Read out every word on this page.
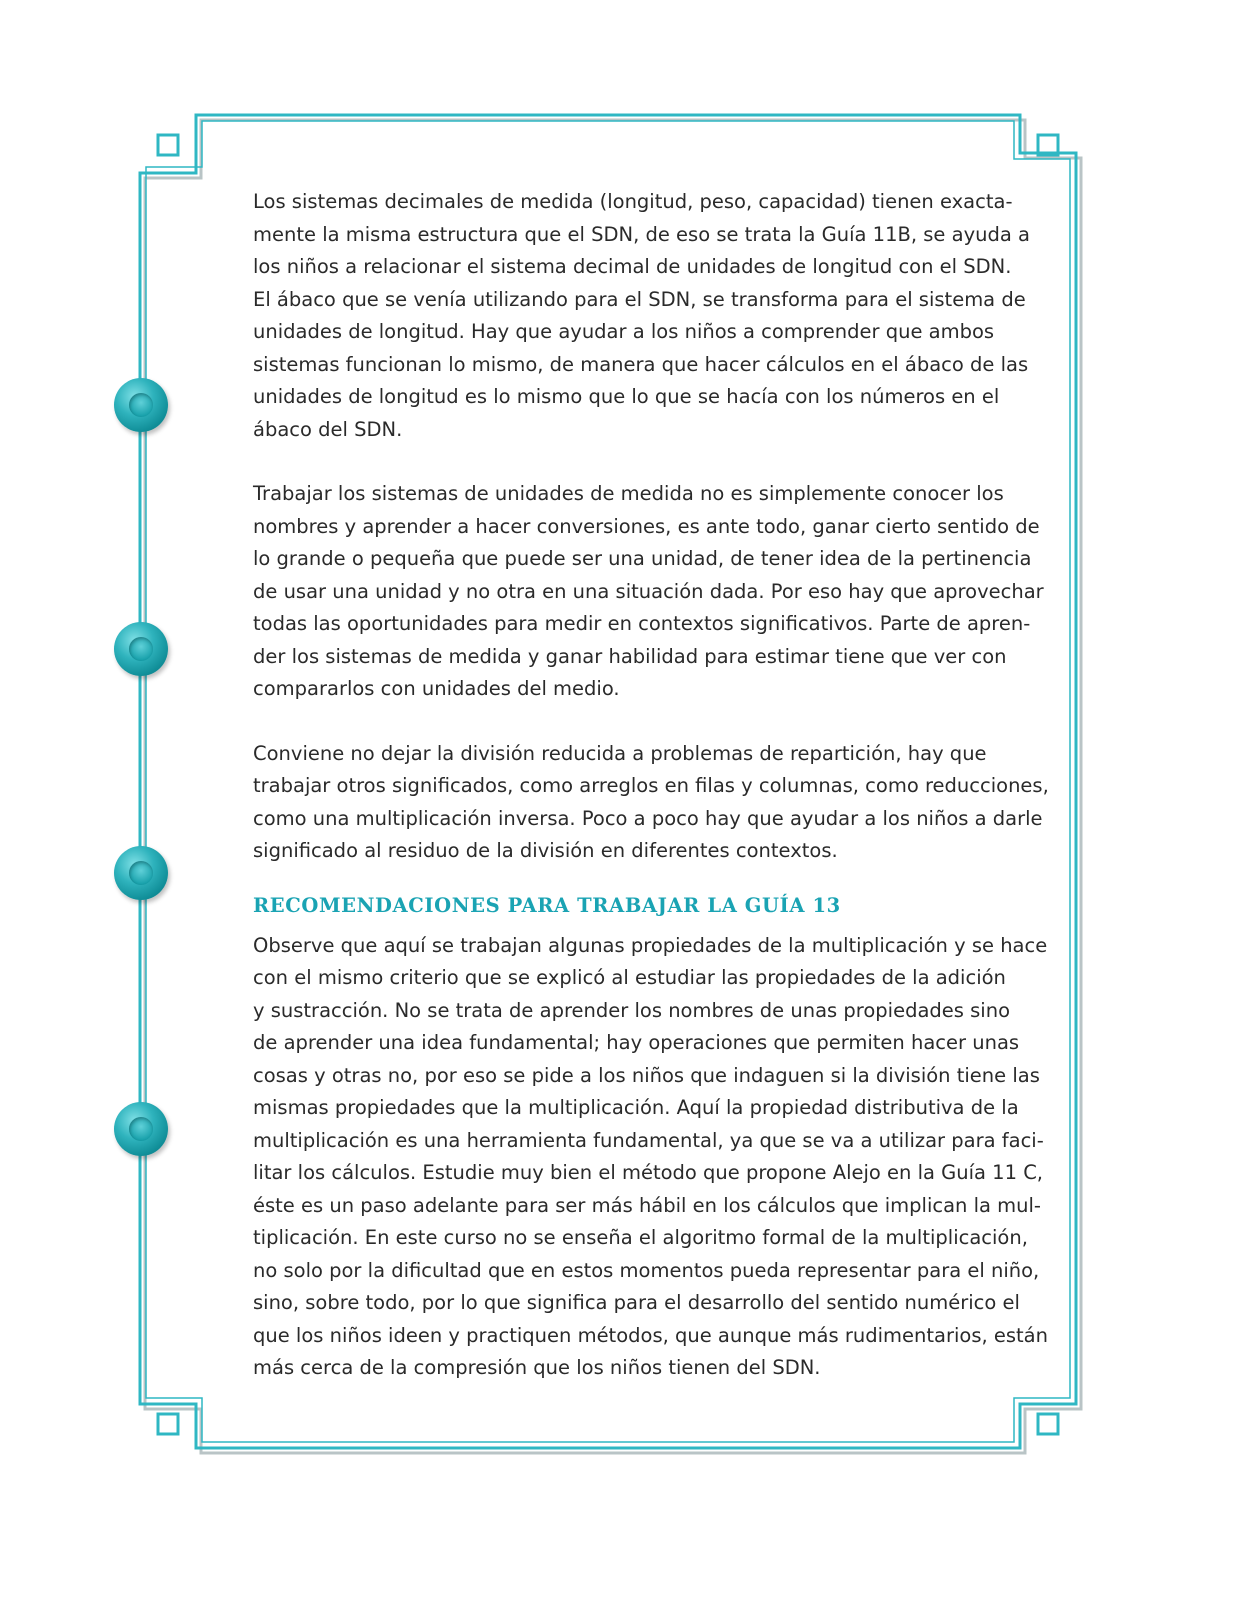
Los sistemas decimales de medida (longitud, peso, capacidad) tienen exacta-
mente la misma estructura que el SDN, de eso se trata la Guía 11B, se ayuda a
los niños a relacionar el sistema decimal de unidades de longitud con el SDN.
El ábaco que se venía utilizando para el SDN, se transforma para el sistema de
unidades de longitud. Hay que ayudar a los niños a comprender que ambos
sistemas funcionan lo mismo, de manera que hacer cálculos en el ábaco de las
unidades de longitud es lo mismo que lo que se hacía con los números en el
ábaco del SDN.

Trabajar los sistemas de unidades de medida no es simplemente conocer los
nombres y aprender a hacer conversiones, es ante todo, ganar cierto sentido de
lo grande o pequeña que puede ser una unidad, de tener idea de la pertinencia
de usar una unidad y no otra en una situación dada. Por eso hay que aprovechar
todas las oportunidades para medir en contextos significativos. Parte de apren-
der los sistemas de medida y ganar habilidad para estimar tiene que ver con
compararlos con unidades del medio.

Conviene no dejar la división reducida a problemas de repartición, hay que
trabajar otros significados, como arreglos en filas y columnas, como reducciones,
como una multiplicación inversa. Poco a poco hay que ayudar a los niños a darle
significado al residuo de la división en diferentes contextos.

RECOMENDACIONES PARA TRABAJAR LA GUÍA 13

Observe que aquí se trabajan algunas propiedades de la multiplicación y se hace
con el mismo criterio que se explicó al estudiar las propiedades de la adición
y sustracción. No se trata de aprender los nombres de unas propiedades sino
de aprender una idea fundamental; hay operaciones que permiten hacer unas
cosas y otras no, por eso se pide a los niños que indaguen si la división tiene las
mismas propiedades que la multiplicación. Aquí la propiedad distributiva de la
multiplicación es una herramienta fundamental, ya que se va a utilizar para faci-
litar los cálculos. Estudie muy bien el método que propone Alejo en la Guía 11 C,
éste es un paso adelante para ser más hábil en los cálculos que implican la mul-
tiplicación. En este curso no se enseña el algoritmo formal de la multiplicación,
no solo por la dificultad que en estos momentos pueda representar para el niño,
sino, sobre todo, por lo que significa para el desarrollo del sentido numérico el
que los niños ideen y practiquen métodos, que aunque más rudimentarios, están
más cerca de la compresión que los niños tienen del SDN.
